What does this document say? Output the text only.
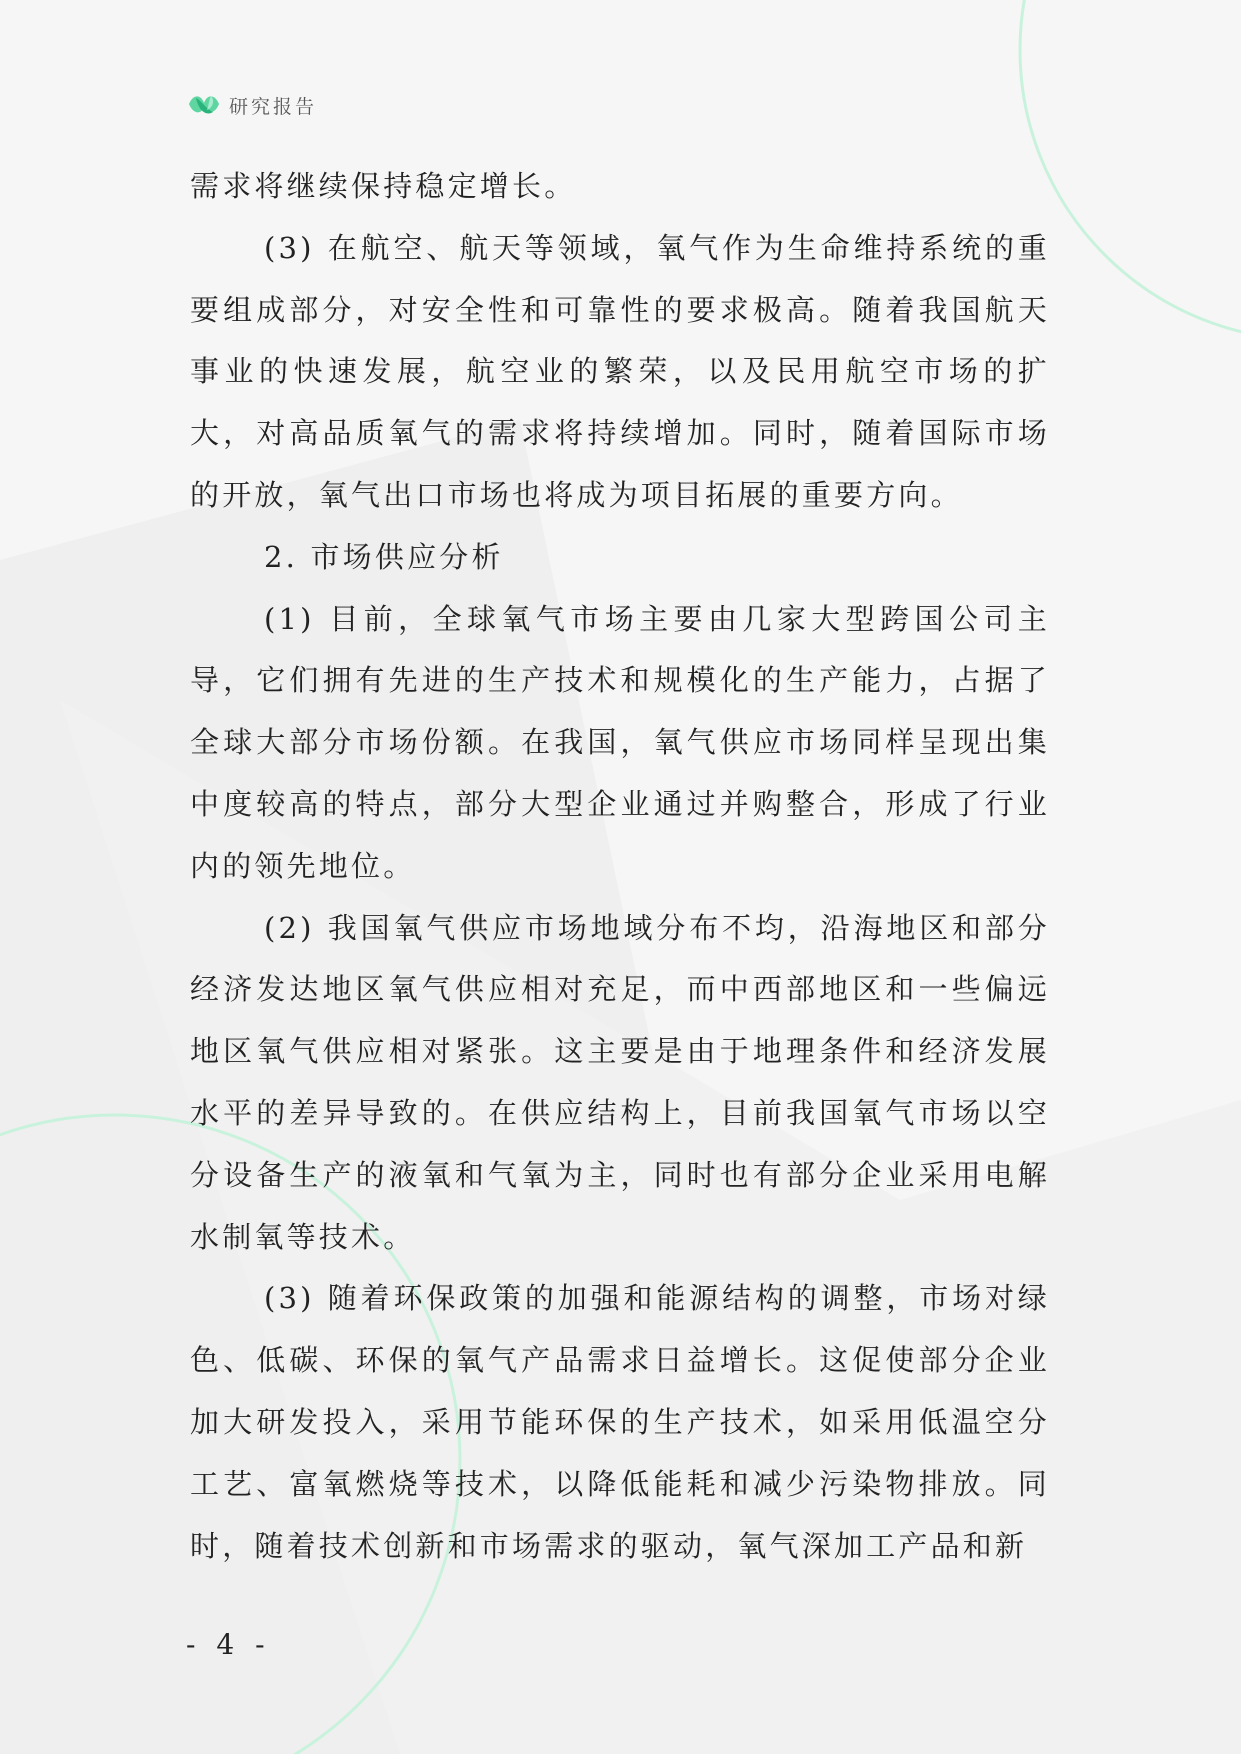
研究报告

需求将继续保持稳定增长。

(3) 在航空、航天等领域，氧气作为生命维持系统的重要组成部分，对安全性和可靠性的要求极高。随着我国航天事业的快速发展，航空业的繁荣，以及民用航空市场的扩大，对高品质氧气的需求将持续增加。同时，随着国际市场的开放，氧气出口市场也将成为项目拓展的重要方向。

2. 市场供应分析

(1) 目前，全球氧气市场主要由几家大型跨国公司主导，它们拥有先进的生产技术和规模化的生产能力，占据了全球大部分市场份额。在我国，氧气供应市场同样呈现出集中度较高的特点，部分大型企业通过并购整合，形成了行业内的领先地位。

(2) 我国氧气供应市场地域分布不均，沿海地区和部分经济发达地区氧气供应相对充足，而中西部地区和一些偏远地区氧气供应相对紧张。这主要是由于地理条件和经济发展水平的差异导致的。在供应结构上，目前我国氧气市场以空分设备生产的液氧和气氧为主，同时也有部分企业采用电解水制氧等技术。

(3) 随着环保政策的加强和能源结构的调整，市场对绿色、低碳、环保的氧气产品需求日益增长。这促使部分企业加大研发投入，采用节能环保的生产技术，如采用低温空分工艺、富氧燃烧等技术，以降低能耗和减少污染物排放。同时，随着技术创新和市场需求的驱动，氧气深加工产品和新

- 4 -
